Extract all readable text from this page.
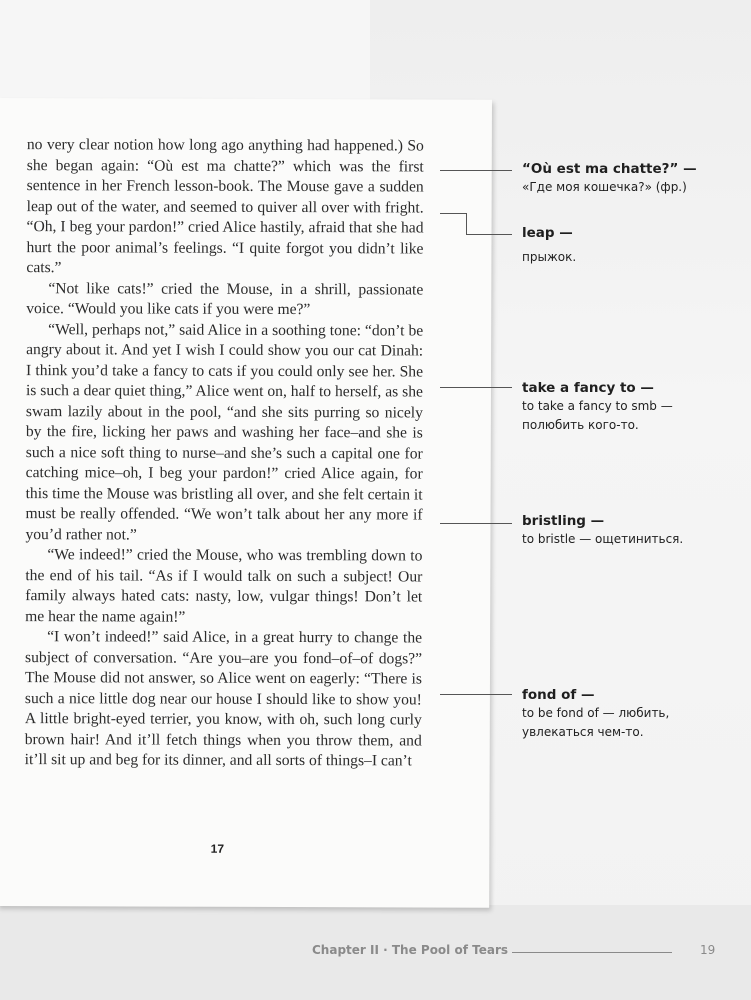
no very clear notion how long ago anything had happened.) So she began again: “Où est ma chatte?” which was the first sentence in her French lesson-book. The Mouse gave a sudden leap out of the water, and seemed to quiver all over with fright. “Oh, I beg your pardon!” cried Alice hastily, afraid that she had hurt the poor animal’s feelings. “I quite forgot you didn’t like cats.”

“Not like cats!” cried the Mouse, in a shrill, passionate voice. “Would you like cats if you were me?”

“Well, perhaps not,” said Alice in a soothing tone: “don’t be angry about it. And yet I wish I could show you our cat Dinah: I think you’d take a fancy to cats if you could only see her. She is such a dear quiet thing,” Alice went on, half to herself, as she swam lazily about in the pool, “and she sits purring so nicely by the fire, licking her paws and washing her face–and she is such a nice soft thing to nurse–and she’s such a capital one for catching mice–oh, I beg your pardon!” cried Alice again, for this time the Mouse was bristling all over, and she felt certain it must be really offended. “We won’t talk about her any more if you’d rather not.”

“We indeed!” cried the Mouse, who was trembling down to the end of his tail. “As if I would talk on such a subject! Our family always hated cats: nasty, low, vulgar things! Don’t let me hear the name again!”

“I won’t indeed!” said Alice, in a great hurry to change the subject of conversation. “Are you–are you fond–of–of dogs?” The Mouse did not answer, so Alice went on eagerly: “There is such a nice little dog near our house I should like to show you! A little bright-eyed terrier, you know, with oh, such long curly brown hair! And it’ll fetch things when you throw them, and it’ll sit up and beg for its dinner, and all sorts of things–I can’t

17
“Où est ma chatte?” —
«Где моя кошечка?» (фр.)
leap —
прыжок.
take a fancy to —
to take a fancy to smb — полюбить кого-то.
bristling —
to bristle — ощетиниться.
fond of —
to be fond of — любить, увлекаться чем-то.
Chapter II · The Pool of Tears	19
